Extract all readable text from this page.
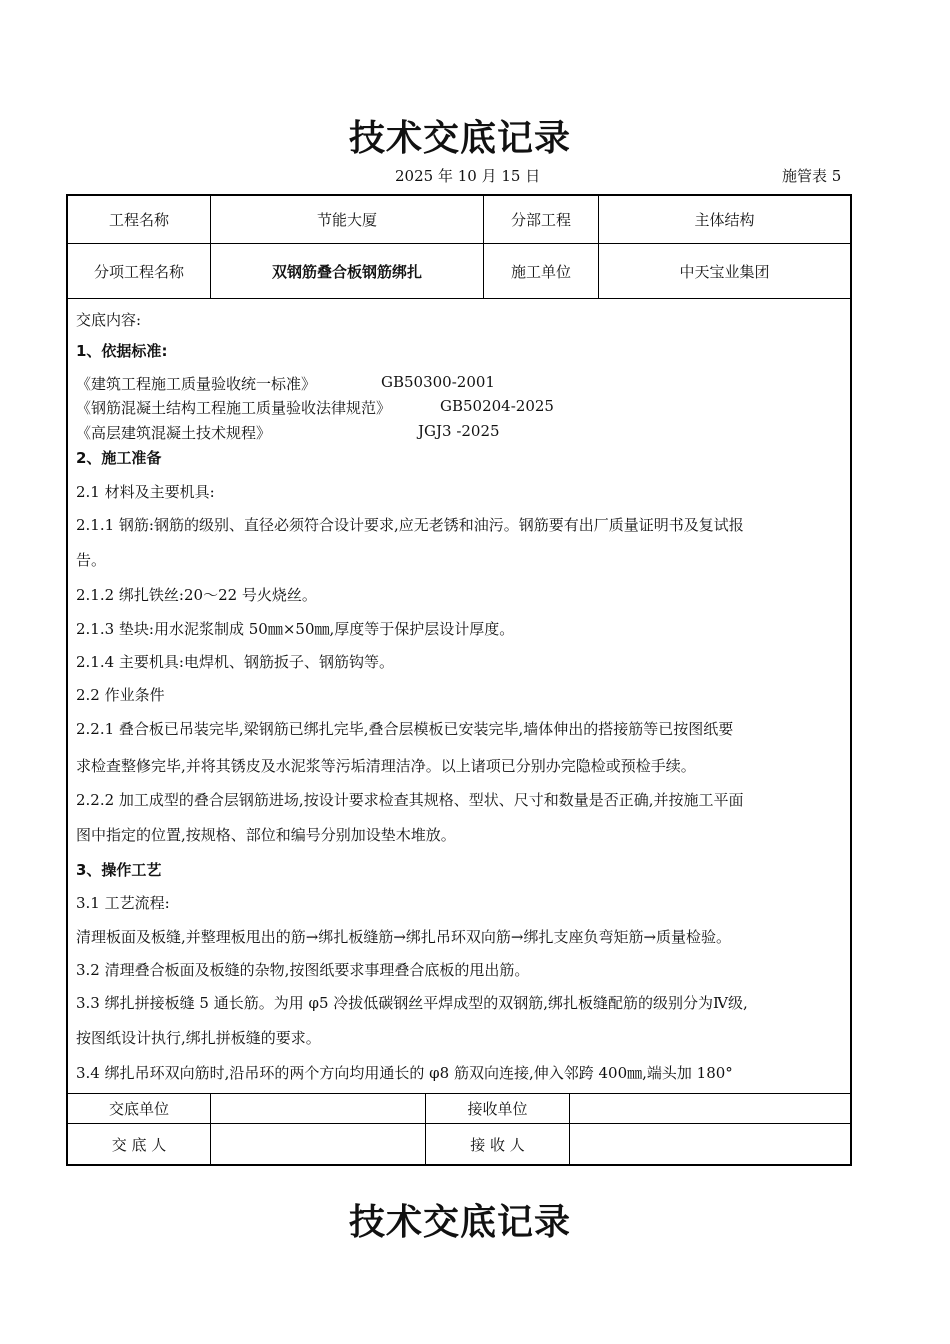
技术交底记录
2025 年 10 月 15 日	施管表 5
工程名称	节能大厦	分部工程	主体结构
分项工程名称	双钢筋叠合板钢筋绑扎	施工单位	中天宝业集团
交底内容:
1、依据标准:
《建筑工程施工质量验收统一标准》	GB50300-2001
《钢筋混凝土结构工程施工质量验收法律规范》	GB50204-2025
《高层建筑混凝土技术规程》	JGJ3 -2025
2、施工准备
2.1 材料及主要机具:
2.1.1 钢筋:钢筋的级别、直径必须符合设计要求,应无老锈和油污。钢筋要有出厂质量证明书及复试报
告。
2.1.2 绑扎铁丝:20～22 号火烧丝。
2.1.3 垫块:用水泥浆制成 50㎜×50㎜,厚度等于保护层设计厚度。
2.1.4 主要机具:电焊机、钢筋扳子、钢筋钩等。
2.2 作业条件
2.2.1 叠合板已吊装完毕,梁钢筋已绑扎完毕,叠合层模板已安装完毕,墙体伸出的搭接筋等已按图纸要
求检查整修完毕,并将其锈皮及水泥浆等污垢清理洁净。以上诸项已分别办完隐检或预检手续。
2.2.2 加工成型的叠合层钢筋进场,按设计要求检查其规格、型状、尺寸和数量是否正确,并按施工平面
图中指定的位置,按规格、部位和编号分别加设垫木堆放。
3、操作工艺
3.1 工艺流程:
清理板面及板缝,并整理板甩出的筋→绑扎板缝筋→绑扎吊环双向筋→绑扎支座负弯矩筋→质量检验。
3.2 清理叠合板面及板缝的杂物,按图纸要求事理叠合底板的甩出筋。
3.3 绑扎拼接板缝 5 通长筋。为用 φ5 冷拔低碳钢丝平焊成型的双钢筋,绑扎板缝配筋的级别分为Ⅳ级,
按图纸设计执行,绑扎拼板缝的要求。
3.4 绑扎吊环双向筋时,沿吊环的两个方向均用通长的 φ8 筋双向连接,伸入邻跨 400㎜,端头加 180°
交底单位	接收单位
交 底 人	接 收 人
技术交底记录
